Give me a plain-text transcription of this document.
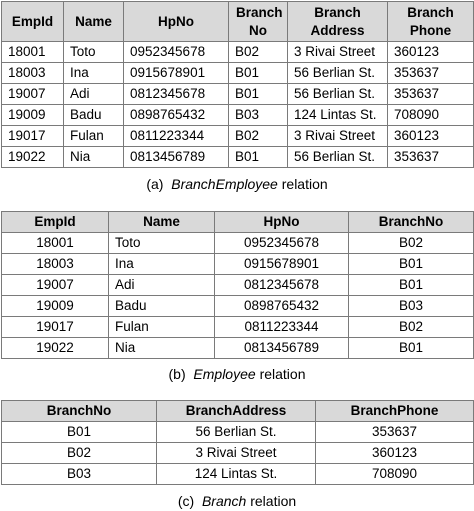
EmpId	Name	HpNo	Branch No	Branch Address	Branch Phone
18001	Toto	0952345678	B02	3 Rivai Street	360123
18003	Ina	0915678901	B01	56 Berlian St.	353637
19007	Adi	0812345678	B01	56 Berlian St.	353637
19009	Badu	0898765432	B03	124 Lintas St.	708090
19017	Fulan	0811223344	B02	3 Rivai Street	360123
19022	Nia	0813456789	B01	56 Berlian St.	353637
(a) BranchEmployee relation
EmpId	Name	HpNo	BranchNo
18001	Toto	0952345678	B02
18003	Ina	0915678901	B01
19007	Adi	0812345678	B01
19009	Badu	0898765432	B03
19017	Fulan	0811223344	B02
19022	Nia	0813456789	B01
(b) Employee relation
BranchNo	BranchAddress	BranchPhone
B01	56 Berlian St.	353637
B02	3 Rivai Street	360123
B03	124 Lintas St.	708090
(c) Branch relation
